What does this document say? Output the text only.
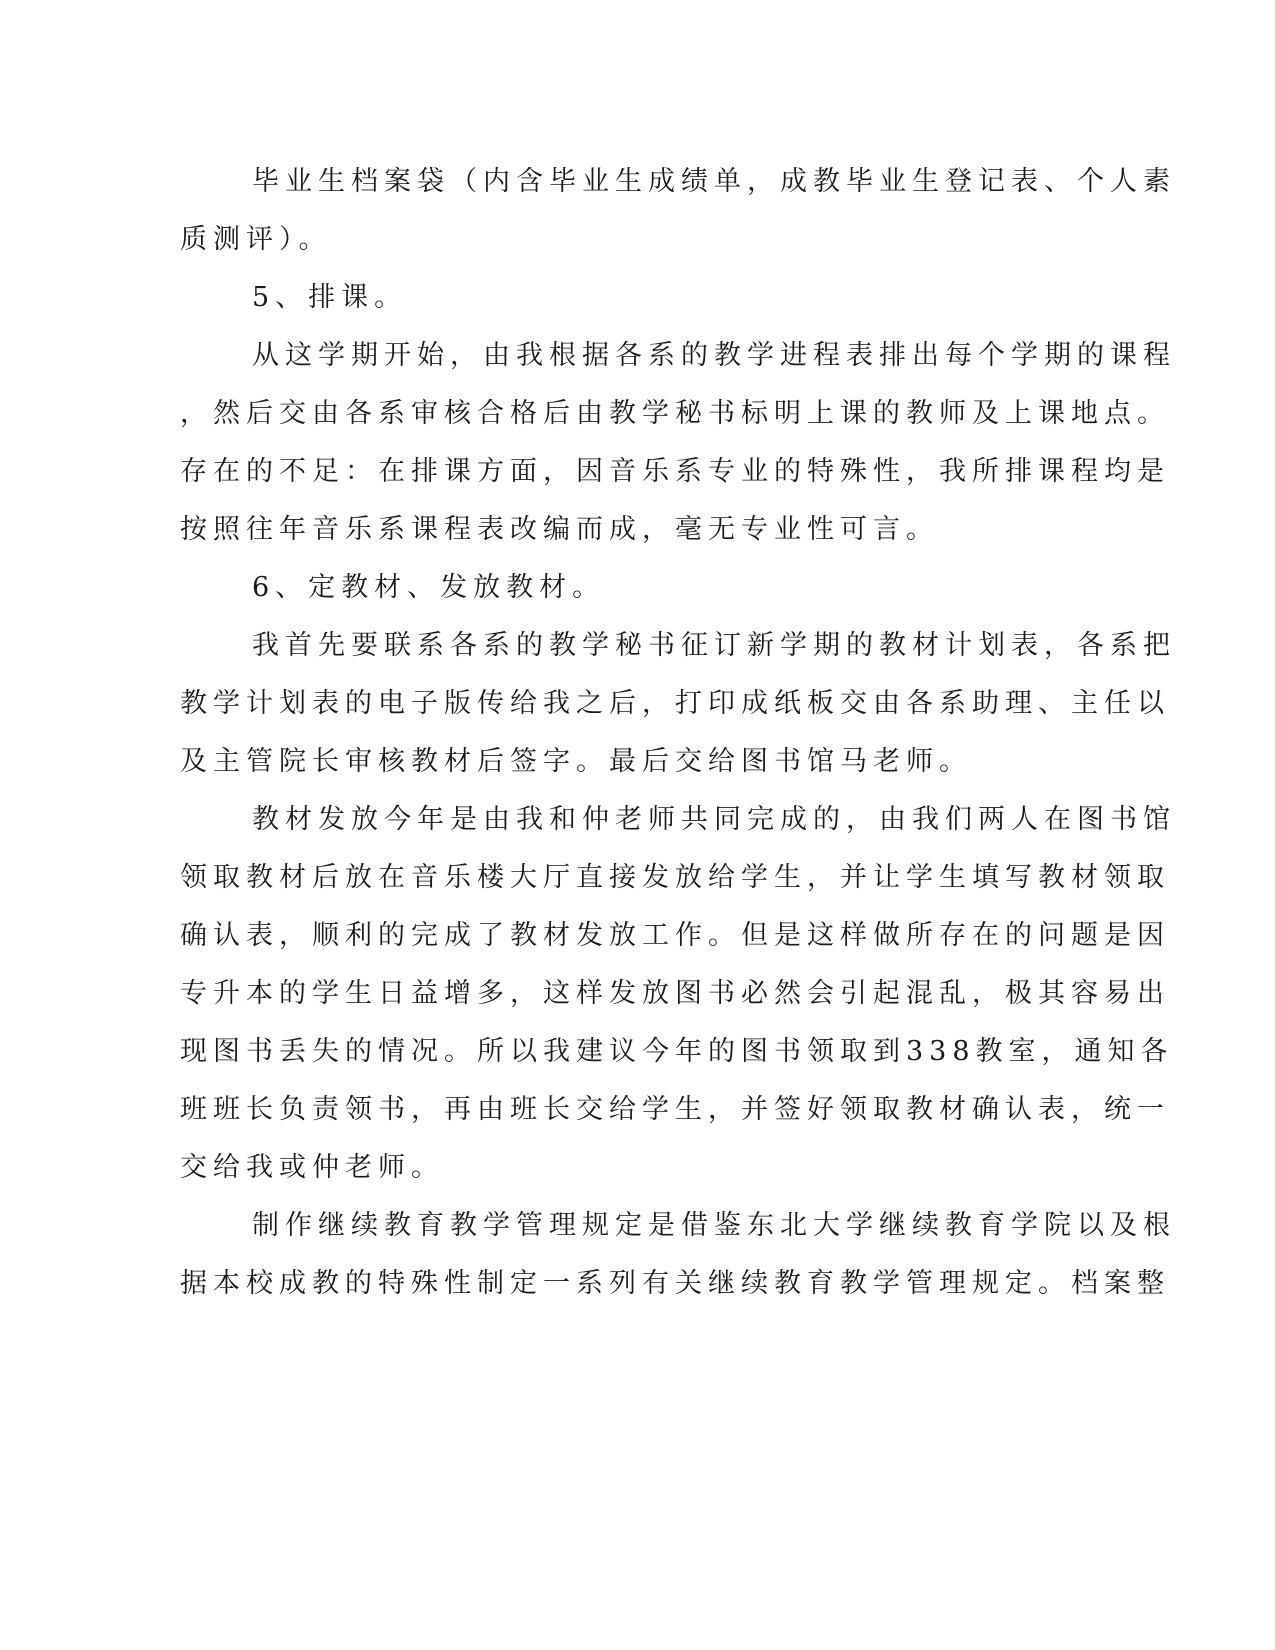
毕业生档案袋（内含毕业生成绩单，成教毕业生登记表、个人素
质测评）。
5、排课。
从这学期开始，由我根据各系的教学进程表排出每个学期的课程
，然后交由各系审核合格后由教学秘书标明上课的教师及上课地点。
存在的不足：在排课方面，因音乐系专业的特殊性，我所排课程均是
按照往年音乐系课程表改编而成，毫无专业性可言。
6、定教材、发放教材。
我首先要联系各系的教学秘书征订新学期的教材计划表，各系把
教学计划表的电子版传给我之后，打印成纸板交由各系助理、主任以
及主管院长审核教材后签字。最后交给图书馆马老师。
教材发放今年是由我和仲老师共同完成的，由我们两人在图书馆
领取教材后放在音乐楼大厅直接发放给学生，并让学生填写教材领取
确认表，顺利的完成了教材发放工作。但是这样做所存在的问题是因
专升本的学生日益增多，这样发放图书必然会引起混乱，极其容易出
现图书丢失的情况。所以我建议今年的图书领取到338教室，通知各
班班长负责领书，再由班长交给学生，并签好领取教材确认表，统一
交给我或仲老师。
制作继续教育教学管理规定是借鉴东北大学继续教育学院以及根
据本校成教的特殊性制定一系列有关继续教育教学管理规定。档案整
